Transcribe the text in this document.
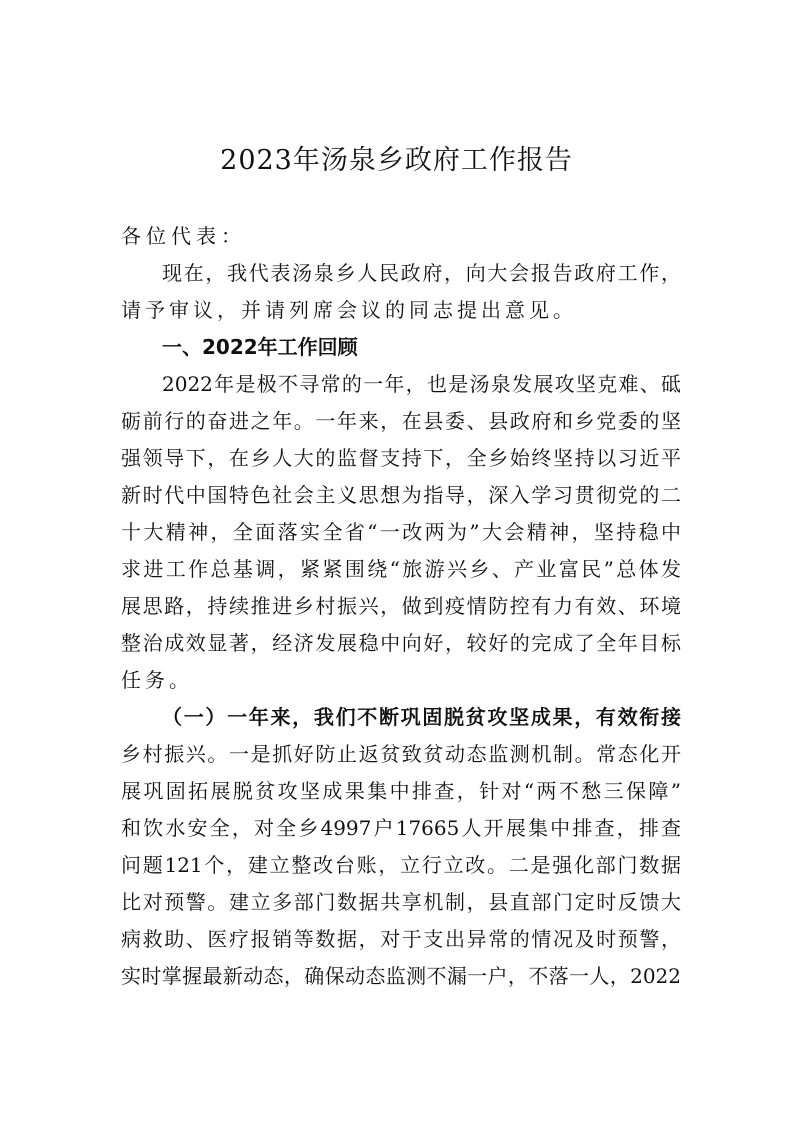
2023年汤泉乡政府工作报告
各位代表：
现在，我代表汤泉乡人民政府，向大会报告政府工作，
请予审议，并请列席会议的同志提出意见。
一、2022年工作回顾
2022年是极不寻常的一年，也是汤泉发展攻坚克难、砥
砺前行的奋进之年。一年来，在县委、县政府和乡党委的坚
强领导下，在乡人大的监督支持下，全乡始终坚持以习近平
新时代中国特色社会主义思想为指导，深入学习贯彻党的二
十大精神，全面落实全省“一改两为”大会精神，坚持稳中
求进工作总基调，紧紧围绕“旅游兴乡、产业富民”总体发
展思路，持续推进乡村振兴，做到疫情防控有力有效、环境
整治成效显著，经济发展稳中向好，较好的完成了全年目标
任务。
（一）一年来，我们不断巩固脱贫攻坚成果，有效衔接
乡村振兴。一是抓好防止返贫致贫动态监测机制。常态化开
展巩固拓展脱贫攻坚成果集中排查，针对“两不愁三保障”
和饮水安全，对全乡4997户17665人开展集中排查，排查
问题121个，建立整改台账，立行立改。二是强化部门数据
比对预警。建立多部门数据共享机制，县直部门定时反馈大
病救助、医疗报销等数据，对于支出异常的情况及时预警，
实时掌握最新动态，确保动态监测不漏一户，不落一人，2022
